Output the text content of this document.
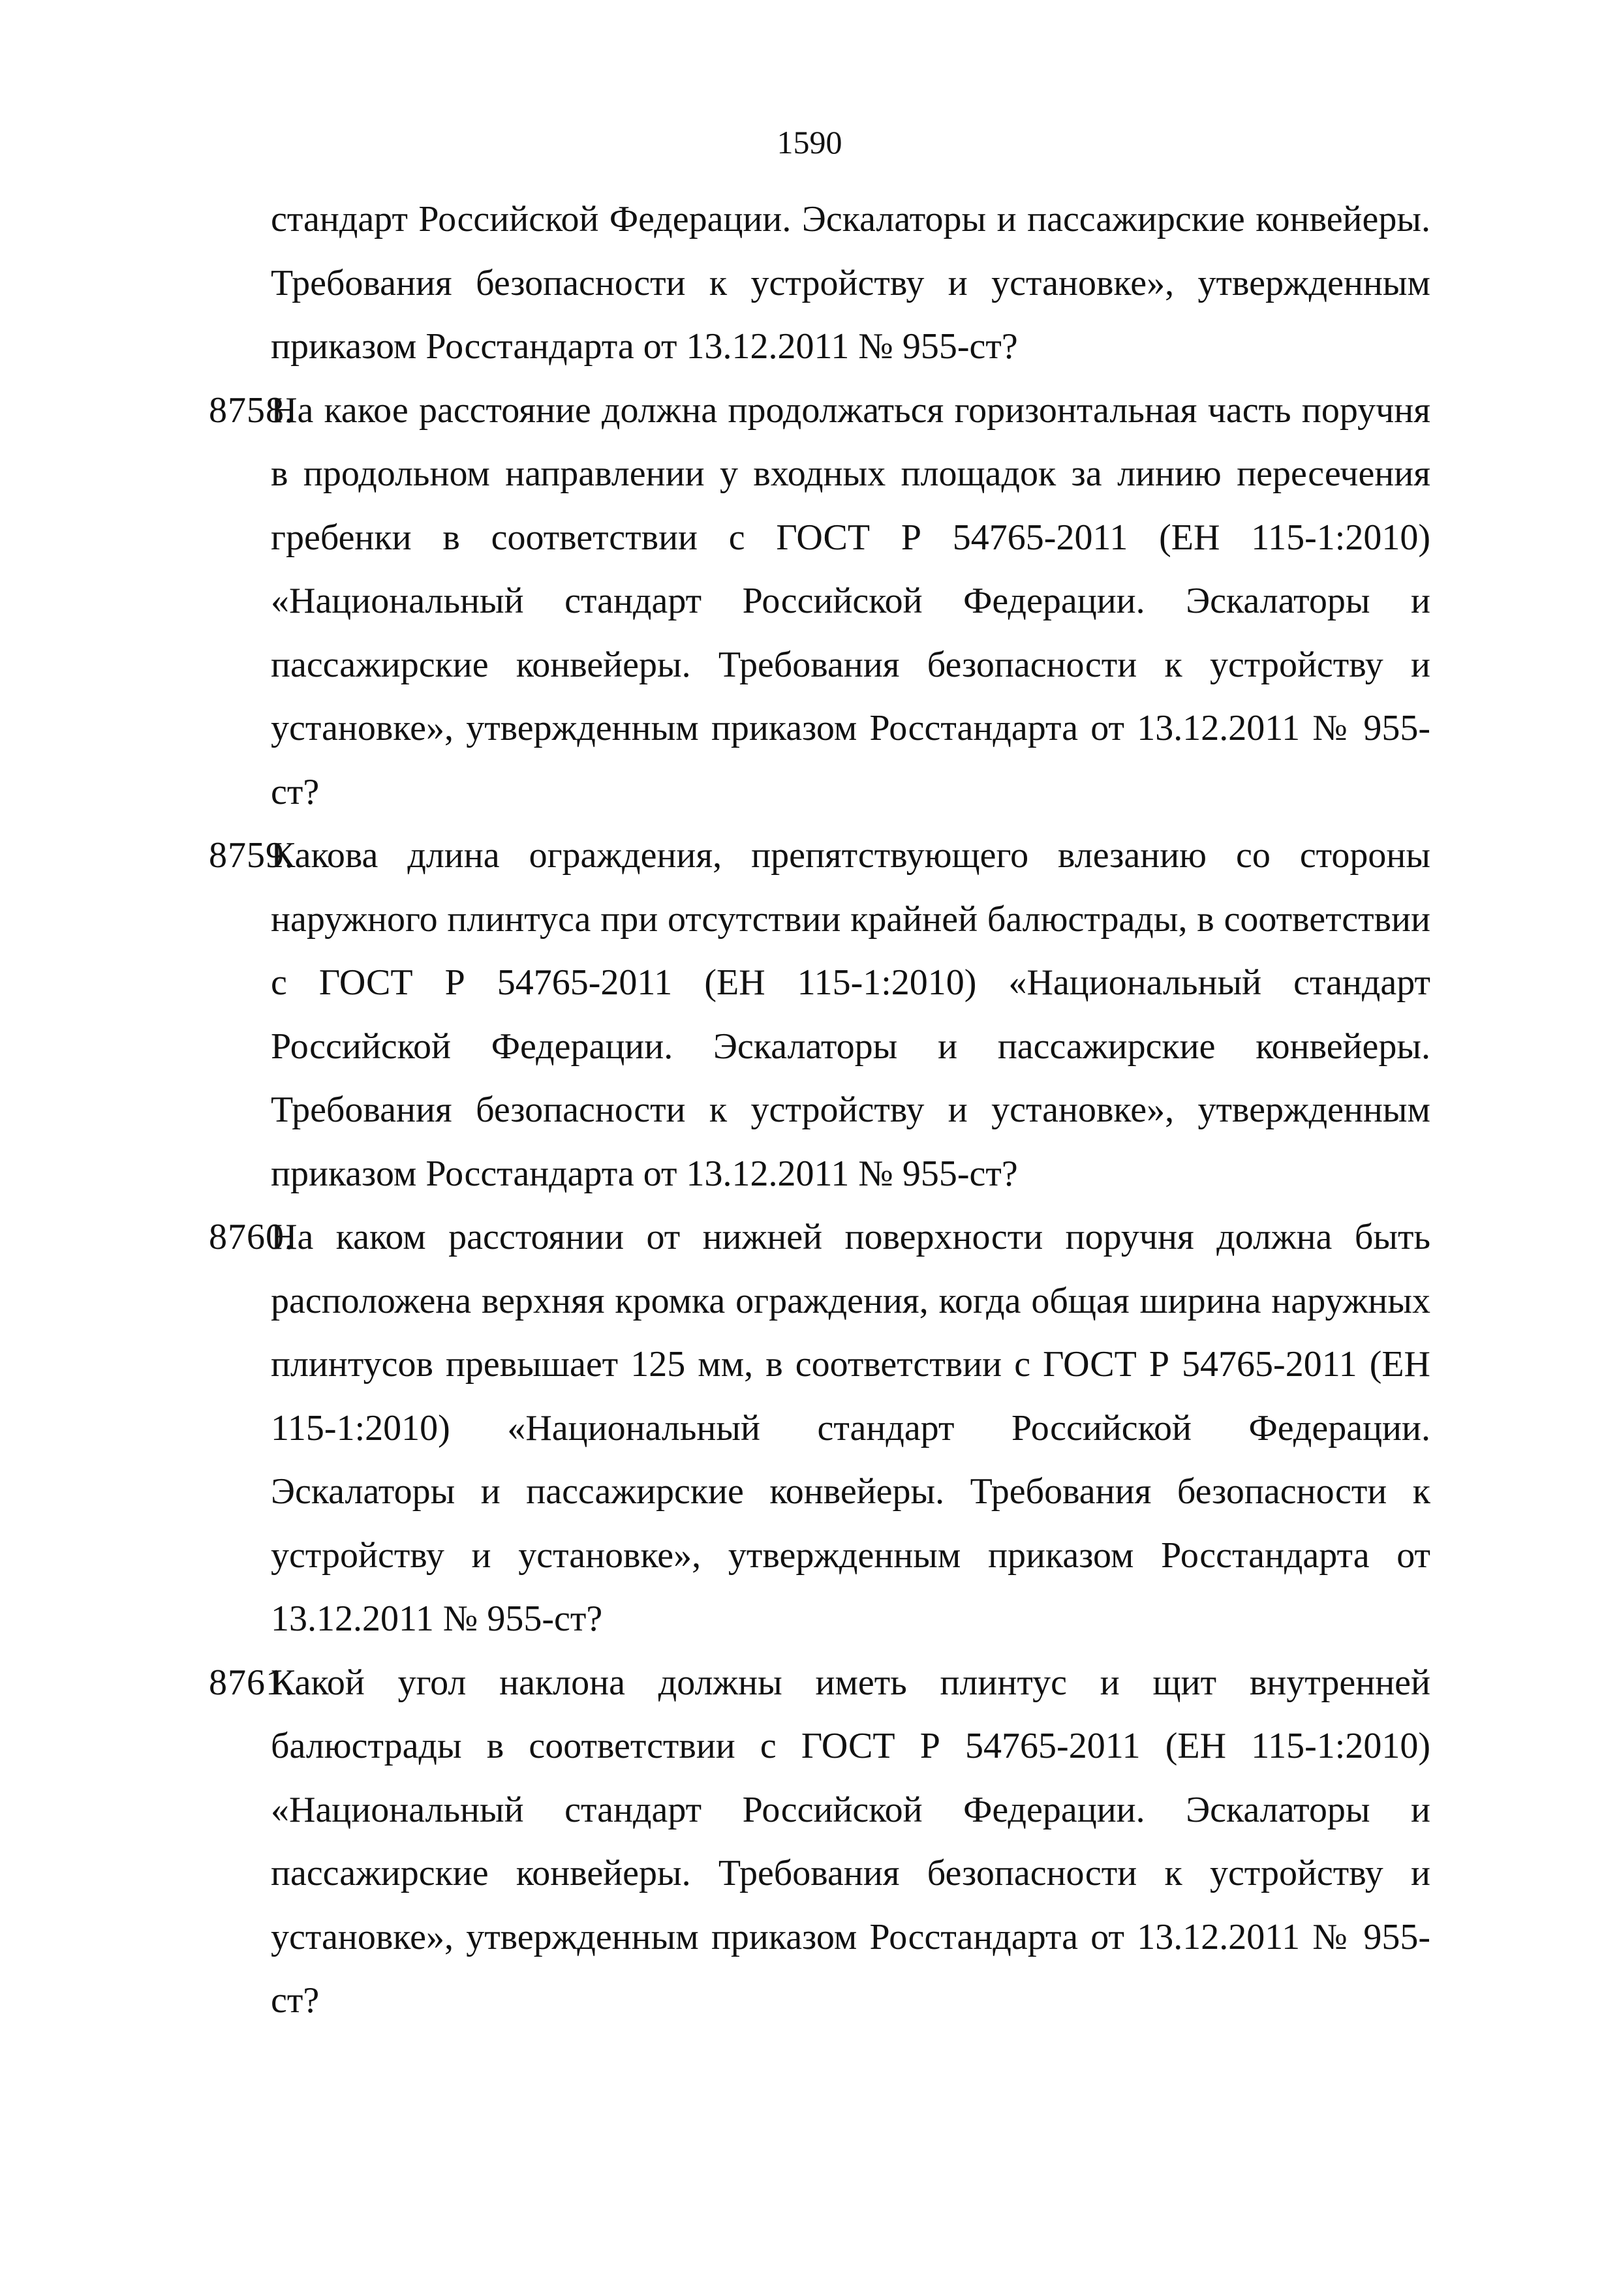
1590
стандарт Российской Федерации. Эскалаторы и пассажирские конвейеры. Требования безопасности к устройству и установке», утвержденным приказом Росстандарта от 13.12.2011 № 955-ст?
8758.
На какое расстояние должна продолжаться горизонтальная часть поручня в продольном направлении у входных площадок за линию пересечения гребенки в соответствии с ГОСТ Р 54765-2011 (ЕН 115-1:2010) «Национальный стандарт Российской Федерации. Эскалаторы и пассажирские конвейеры. Требования безопасности к устройству и установке», утвержденным приказом Росстандарта от 13.12.2011 № 955-ст?
8759.
Какова длина ограждения, препятствующего влезанию со стороны наружного плинтуса при отсутствии крайней балюстрады, в соответствии с ГОСТ Р 54765-2011 (ЕН 115-1:2010) «Национальный стандарт Российской Федерации. Эскалаторы и пассажирские конвейеры. Требования безопасности к устройству и установке», утвержденным приказом Росстандарта от 13.12.2011 № 955-ст?
8760.
На каком расстоянии от нижней поверхности поручня должна быть расположена верхняя кромка ограждения, когда общая ширина наружных плинтусов превышает 125 мм, в соответствии с ГОСТ Р 54765-2011 (ЕН 115-1:2010) «Национальный стандарт Российской Федерации. Эскалаторы и пассажирские конвейеры. Требования безопасности к устройству и установке», утвержденным приказом Росстандарта от 13.12.2011 № 955-ст?
8761.
Какой угол наклона должны иметь плинтус и щит внутренней балюстрады в соответствии с ГОСТ Р 54765-2011 (ЕН 115-1:2010) «Национальный стандарт Российской Федерации. Эскалаторы и пассажирские конвейеры. Требования безопасности к устройству и установке», утвержденным приказом Росстандарта от 13.12.2011 № 955-ст?
